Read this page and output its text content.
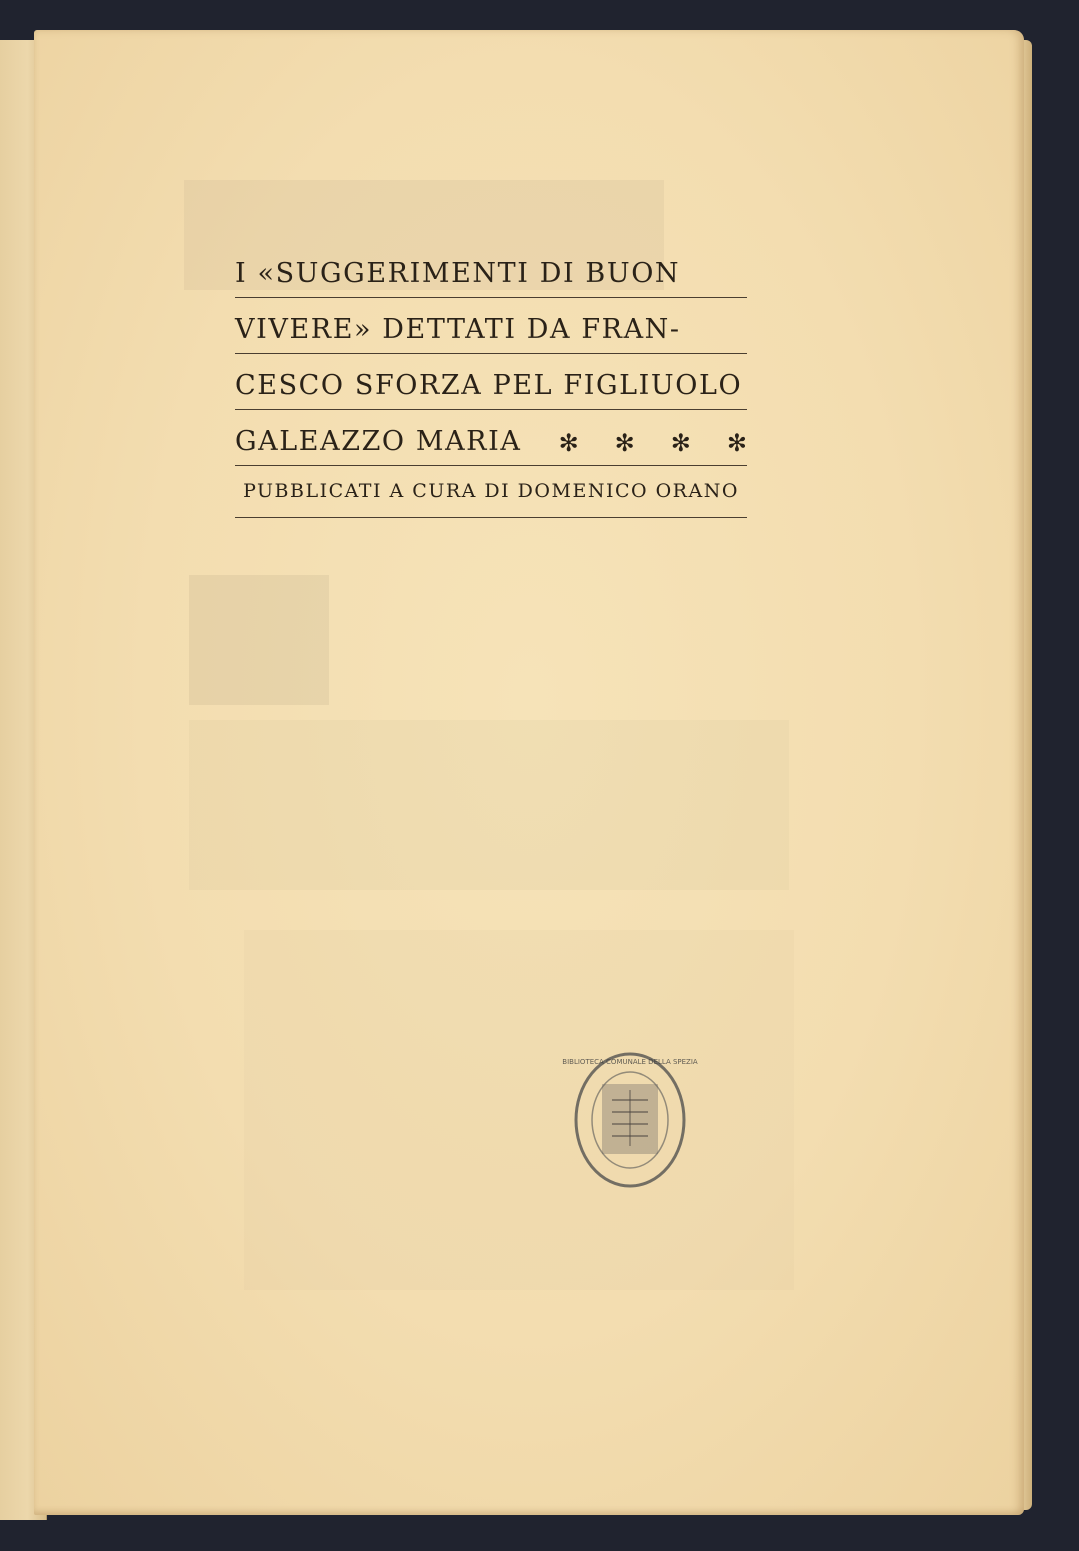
I «SUGGERIMENTI DI BUON
VIVERE» DETTATI DA FRAN-
CESCO SFORZA PEL FIGLIUOLO
GALEAZZO MARIA ✻ ✻ ✻ ✻
PUBBLICATI A CURA DI DOMENICO ORANO
BIBLIOTECA COMUNALE DELLA SPEZIA
